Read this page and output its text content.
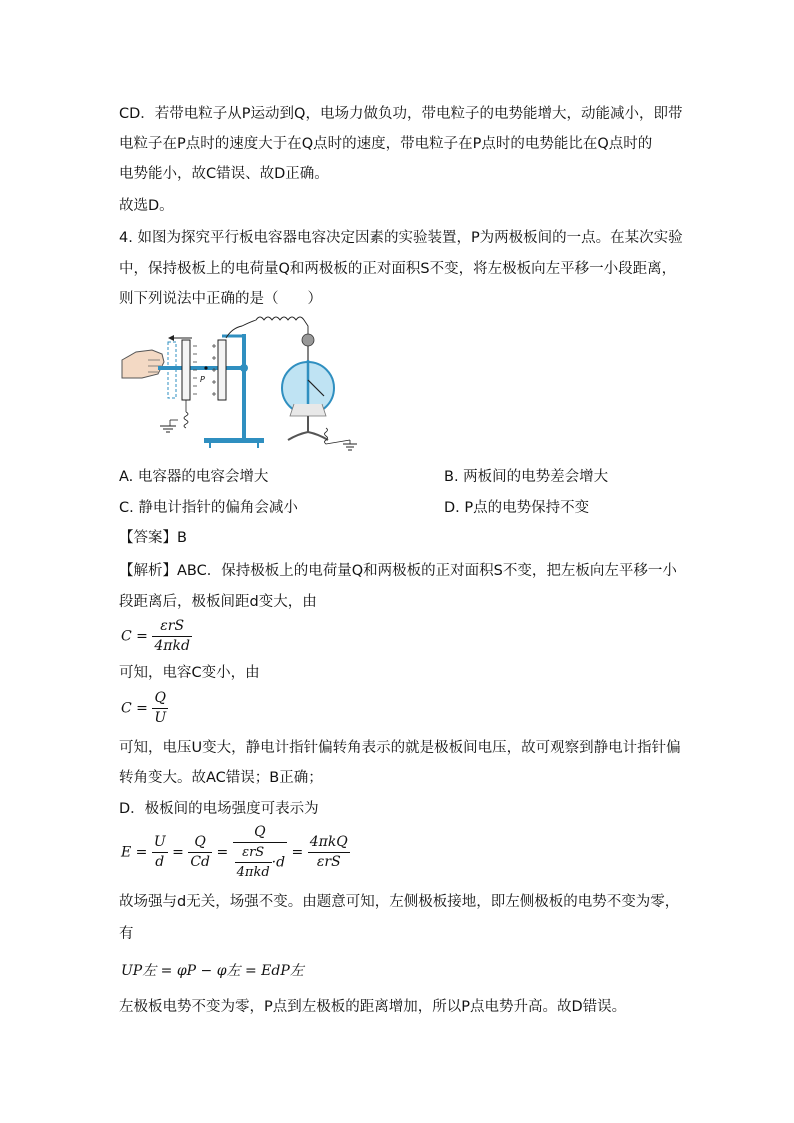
CD．若带电粒子从P运动到Q，电场力做负功，带电粒子的电势能增大，动能减小，即带
电粒子在P点时的速度大于在Q点时的速度，带电粒子在P点时的电势能比在Q点时的
电势能小，故C错误、故D正确。
故选D。
4. 如图为探究平行板电容器电容决定因素的实验装置，P为两极板间的一点。在某次实验
中，保持极板上的电荷量Q和两极板的正对面积S不变，将左极板向左平移一小段距离，
则下列说法中正确的是（　　）
P
A. 电容器的电容会增大	B. 两板间的电势差会增大
C. 静电计指针的偏角会减小	D. P点的电势保持不变
【答案】B
【解析】ABC．保持极板上的电荷量Q和两极板的正对面积S不变，把左板向左平移一小
段距离后，极板间距d变大，由
$C = \frac{\text{εrS}}{\text{4πkd}}$
可知，电容C变小，由
$C = \frac{Q}{U}$
可知，电压U变大，静电计指针偏转角表示的就是极板间电压，故可观察到静电计指针偏
转角变大。故AC错误；B正确；
D．极板间的电场强度可表示为
$E = \frac{U}{d} = \frac{Q}{Cd} = \frac{Q}{\frac{\text{εrS}}{\text{4πkd}} \cdot d} = \frac{\text{4πkQ}}{\text{εrS}}$
故场强与d无关，场强不变。由题意可知，左侧极板接地，即左侧极板的电势不变为零，
有
UP左 = φP − φ左 = EdP左
左极板电势不变为零，P点到左极板的距离增加，所以P点电势升高。故D错误。
